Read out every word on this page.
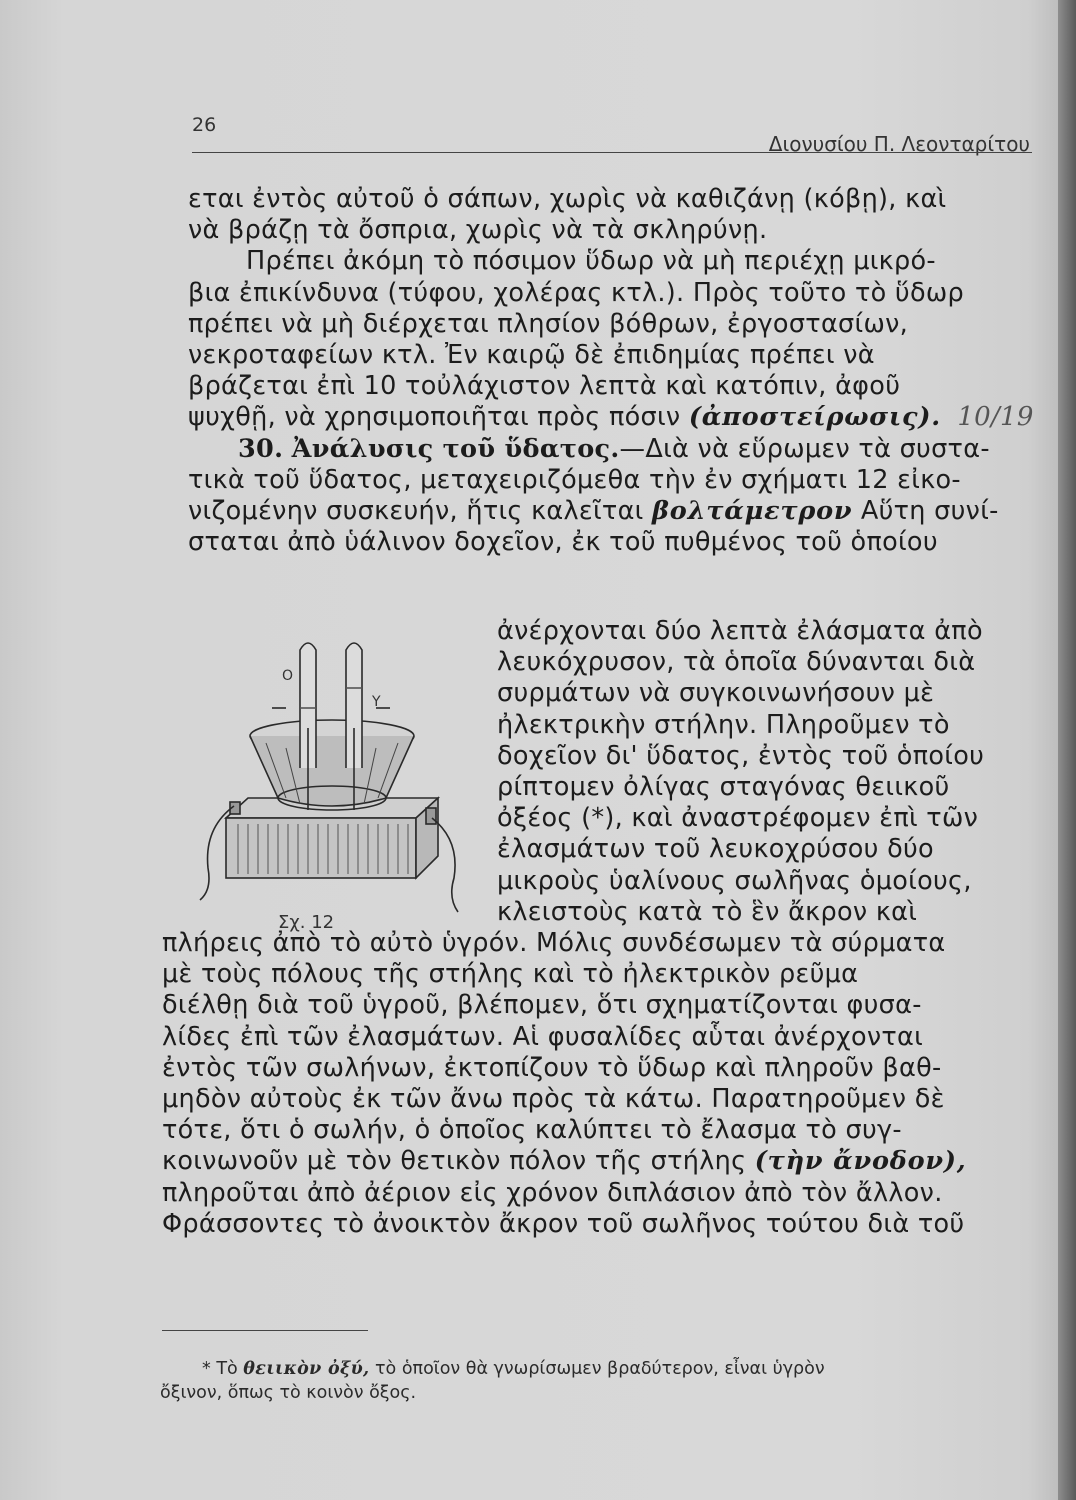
26
Διονυσίου Π. Λεονταρίτου
εται ἐντὸς αὐτοῦ ὁ σάπων, χωρὶς νὰ καθιζάνῃ (κόβῃ), καὶ
νὰ βράζῃ τὰ ὄσπρια, χωρὶς νὰ τὰ σκληρύνῃ.
Πρέπει ἀκόμη τὸ πόσιμον ὕδωρ νὰ μὴ περιέχῃ μικρό-
βια ἐπικίνδυνα (τύφου, χολέρας κτλ.). Πρὸς τοῦτο τὸ ὕδωρ
πρέπει νὰ μὴ διέρχεται πλησίον βόθρων, ἐργοστασίων,
νεκροταφείων κτλ. Ἐν καιρῷ δὲ ἐπιδημίας πρέπει νὰ
βράζεται ἐπὶ 10 τοὐλάχιστον λεπτὰ καὶ κατόπιν, ἀφοῦ
ψυχθῇ, νὰ χρησιμοποιῆται πρὸς πόσιν (ἀποστείρωσις). 10/19
30. Ἀνάλυσις τοῦ ὕδατος.—Διὰ νὰ εὕρωμεν τὰ συστα-
τικὰ τοῦ ὕδατος, μεταχειριζόμεθα τὴν ἐν σχήματι 12 εἰκο-
νιζομένην συσκευήν, ἥτις καλεῖται βολτάμετρον Αὕτη συνί-
σταται ἀπὸ ὑάλινον δοχεῖον, ἐκ τοῦ πυθμένος τοῦ ὁποίου
O
Y
Σχ. 12
ἀνέρχονται δύο λεπτὰ ἐλάσματα ἀπὸ
λευκόχρυσον, τὰ ὁποῖα δύνανται διὰ
συρμάτων νὰ συγκοινωνήσουν μὲ
ἠλεκτρικὴν στήλην. Πληροῦμεν τὸ
δοχεῖον δι' ὕδατος, ἐντὸς τοῦ ὁποίου
ρίπτομεν ὀλίγας σταγόνας θειικοῦ
ὀξέος (*), καὶ ἀναστρέφομεν ἐπὶ τῶν
ἐλασμάτων τοῦ λευκοχρύσου δύο
μικροὺς ὑαλίνους σωλῆνας ὁμοίους,
κλειστοὺς κατὰ τὸ ἓν ἄκρον καὶ
πλήρεις ἀπὸ τὸ αὐτὸ ὑγρόν. Μόλις συνδέσωμεν τὰ σύρματα
μὲ τοὺς πόλους τῆς στήλης καὶ τὸ ἠλεκτρικὸν ρεῦμα
διέλθῃ διὰ τοῦ ὑγροῦ, βλέπομεν, ὅτι σχηματίζονται φυσα-
λίδες ἐπὶ τῶν ἐλασμάτων. Αἱ φυσαλίδες αὗται ἀνέρχονται
ἐντὸς τῶν σωλήνων, ἐκτοπίζουν τὸ ὕδωρ καὶ πληροῦν βαθ-
μηδὸν αὐτοὺς ἐκ τῶν ἄνω πρὸς τὰ κάτω. Παρατηροῦμεν δὲ
τότε, ὅτι ὁ σωλήν, ὁ ὁποῖος καλύπτει τὸ ἔλασμα τὸ συγ-
κοινωνοῦν μὲ τὸν θετικὸν πόλον τῆς στήλης (τὴν ἄνοδον),
πληροῦται ἀπὸ ἀέριον εἰς χρόνον διπλάσιον ἀπὸ τὸν ἄλλον.
Φράσσοντες τὸ ἀνοικτὸν ἄκρον τοῦ σωλῆνος τούτου διὰ τοῦ
* Τὸ θειικὸν ὀξύ, τὸ ὁποῖον θὰ γνωρίσωμεν βραδύτερον, εἶναι ὑγρὸν
ὄξινον, ὅπως τὸ κοινὸν ὄξος.
